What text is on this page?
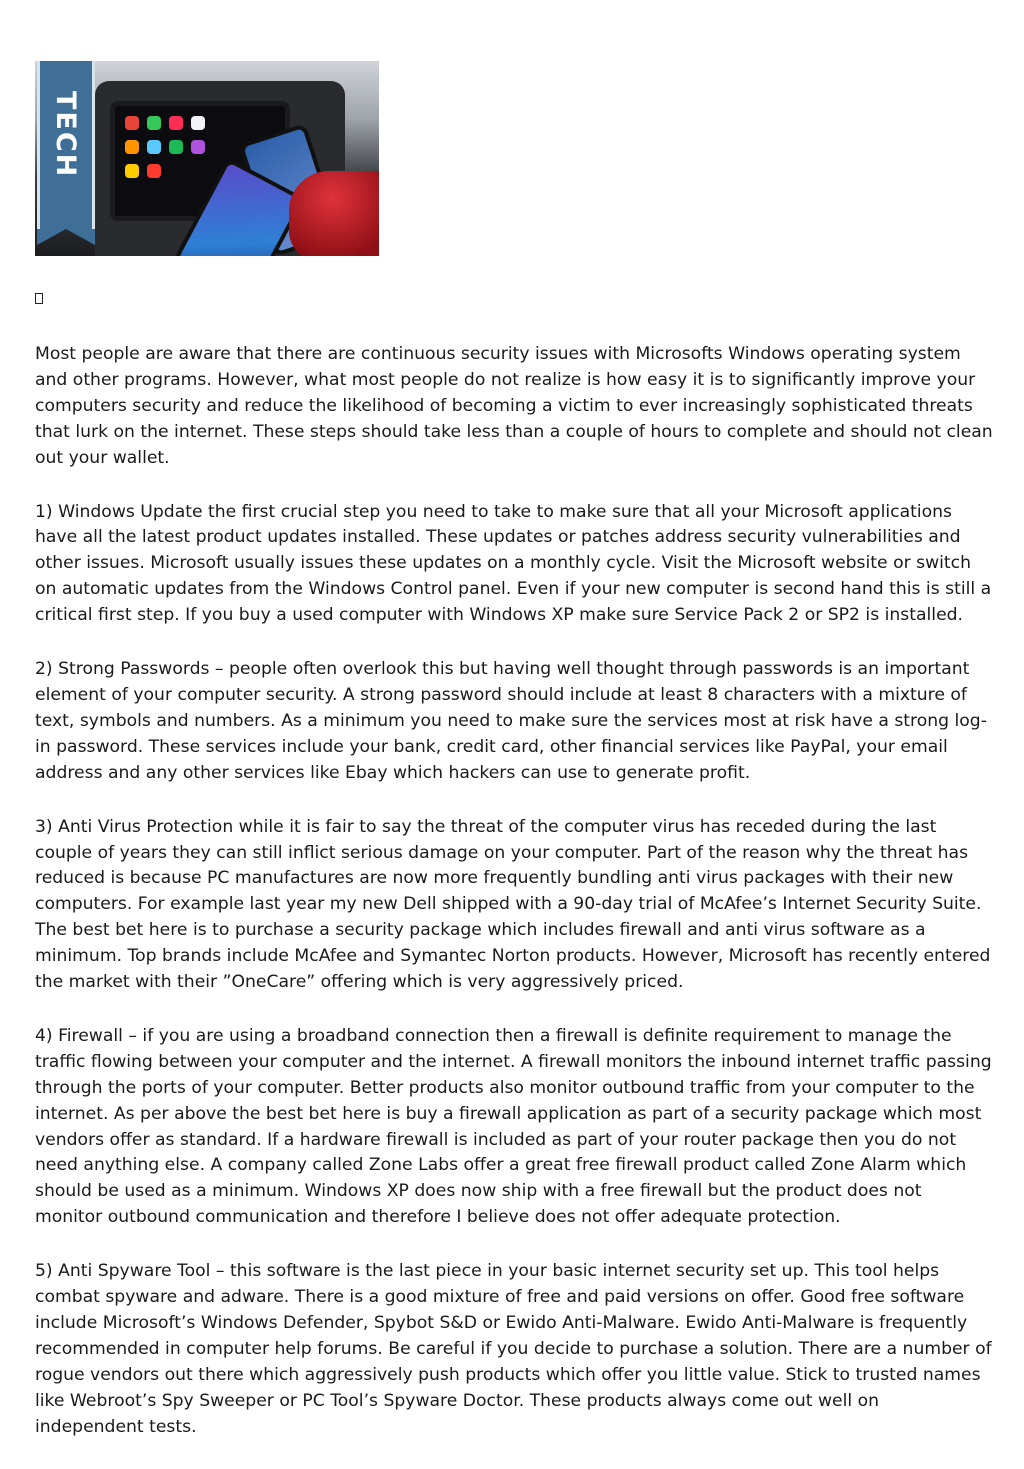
TECH

Most people are aware that there are continuous security issues with Microsofts Windows operating system and other programs. However, what most people do not realize is how easy it is to significantly improve your computers security and reduce the likelihood of becoming a victim to ever increasingly sophisticated threats that lurk on the internet. These steps should take less than a couple of hours to complete and should not clean out your wallet.

1) Windows Update the first crucial step you need to take to make sure that all your Microsoft applications have all the latest product updates installed. These updates or patches address security vulnerabilities and other issues. Microsoft usually issues these updates on a monthly cycle. Visit the Microsoft website or switch on automatic updates from the Windows Control panel. Even if your new computer is second hand this is still a critical first step. If you buy a used computer with Windows XP make sure Service Pack 2 or SP2 is installed.

2) Strong Passwords – people often overlook this but having well thought through passwords is an important element of your computer security. A strong password should include at least 8 characters with a mixture of text, symbols and numbers. As a minimum you need to make sure the services most at risk have a strong log-in password. These services include your bank, credit card, other financial services like PayPal, your email address and any other services like Ebay which hackers can use to generate profit.

3) Anti Virus Protection while it is fair to say the threat of the computer virus has receded during the last couple of years they can still inflict serious damage on your computer. Part of the reason why the threat has reduced is because PC manufactures are now more frequently bundling anti virus packages with their new computers. For example last year my new Dell shipped with a 90-day trial of McAfee’s Internet Security Suite. The best bet here is to purchase a security package which includes firewall and anti virus software as a minimum. Top brands include McAfee and Symantec Norton products. However, Microsoft has recently entered the market with their ”OneCare” offering which is very aggressively priced.

4) Firewall – if you are using a broadband connection then a firewall is definite requirement to manage the traffic flowing between your computer and the internet. A firewall monitors the inbound internet traffic passing through the ports of your computer. Better products also monitor outbound traffic from your computer to the internet. As per above the best bet here is buy a firewall application as part of a security package which most vendors offer as standard. If a hardware firewall is included as part of your router package then you do not need anything else. A company called Zone Labs offer a great free firewall product called Zone Alarm which should be used as a minimum. Windows XP does now ship with a free firewall but the product does not monitor outbound communication and therefore I believe does not offer adequate protection.

5) Anti Spyware Tool – this software is the last piece in your basic internet security set up. This tool helps combat spyware and adware. There is a good mixture of free and paid versions on offer. Good free software include Microsoft’s Windows Defender, Spybot S&D or Ewido Anti-Malware. Ewido Anti-Malware is frequently recommended in computer help forums. Be careful if you decide to purchase a solution. There are a number of rogue vendors out there which aggressively push products which offer you little value. Stick to trusted names like Webroot’s Spy Sweeper or PC Tool’s Spyware Doctor. These products always come out well on independent tests.
